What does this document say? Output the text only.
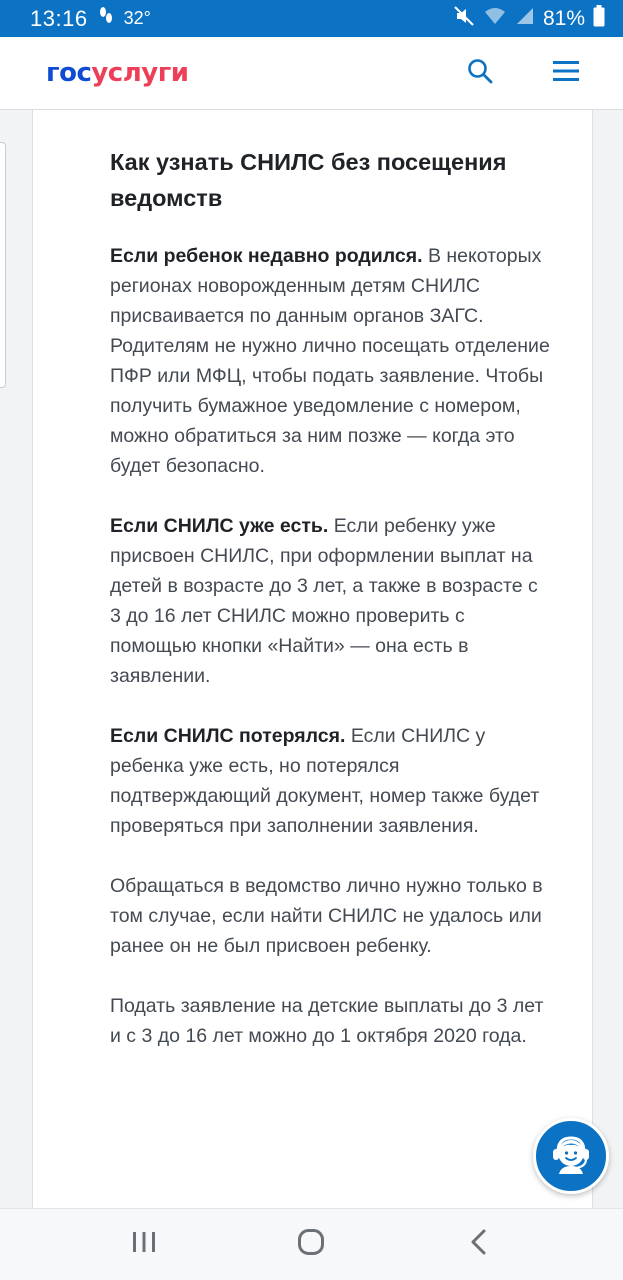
13:16 32°	81%
госуслуги
Как узнать СНИЛС без посещения ведомств

Если ребенок недавно родился. В некоторых регионах новорожденным детям СНИЛС присваивается по данным органов ЗАГС. Родителям не нужно лично посещать отделение ПФР или МФЦ, чтобы подать заявление. Чтобы получить бумажное уведомление с номером, можно обратиться за ним позже — когда это будет безопасно.

Если СНИЛС уже есть. Если ребенку уже присвоен СНИЛС, при оформлении выплат на детей в возрасте до 3 лет, а также в возрасте с 3 до 16 лет СНИЛС можно проверить с помощью кнопки «Найти» — она есть в заявлении.

Если СНИЛС потерялся. Если СНИЛС у ребенка уже есть, но потерялся подтверждающий документ, номер также будет проверяться при заполнении заявления.

Обращаться в ведомство лично нужно только в том случае, если найти СНИЛС не удалось или ранее он не был присвоен ребенку.

Подать заявление на детские выплаты до 3 лет и с 3 до 16 лет можно до 1 октября 2020 года.
